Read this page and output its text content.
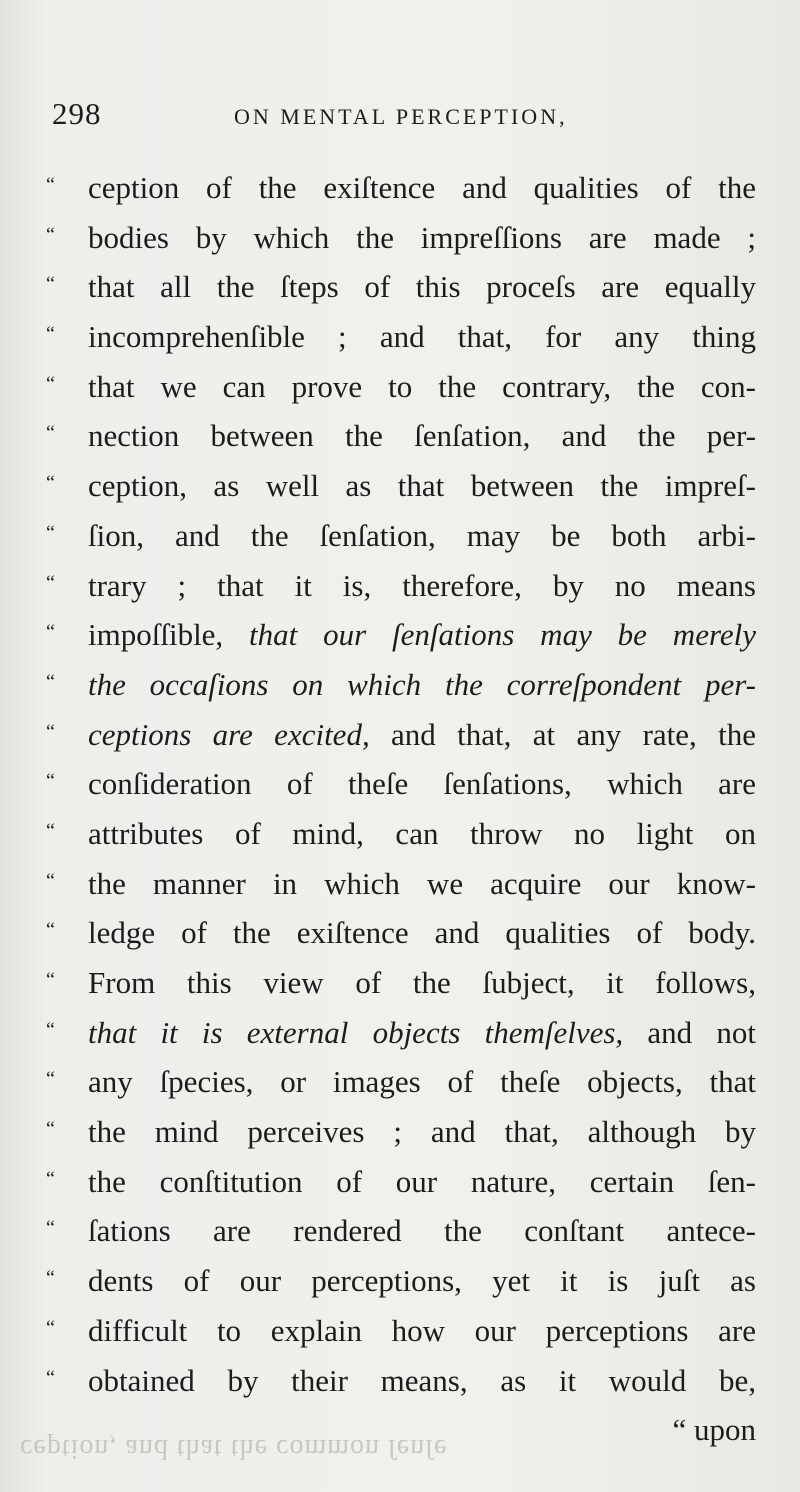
298	ON MENTAL PERCEPTION,
“	ception of the exiſtence and qualities of the
“	bodies by which the impreſſions are made ;
“	that all the ſteps of this proceſs are equally
“	incomprehenſible ; and that, for any thing
“	that we can prove to the contrary, the con-
“	nection between the ſenſation, and the per-
“	ception, as well as that between the impreſ-
“	ſion, and the ſenſation, may be both arbi-
“	trary ; that it is, therefore, by no means
“	impoſſible, that our ſenſations may be merely
“	the occaſions on which the correſpondent per-
“	ceptions are excited, and that, at any rate, the
“	conſideration of theſe ſenſations, which are
“	attributes of mind, can throw no light on
“	the manner in which we acquire our know-
“	ledge of the exiſtence and qualities of body.
“	From this view of the ſubject, it follows,
“	that it is external objects themſelves, and not
“	any ſpecies, or images of theſe objects, that
“	the mind perceives ; and that, although by
“	the conſtitution of our nature, certain ſen-
“	ſations are rendered the conſtant antece-
“	dents of our perceptions, yet it is juſt as
“	difficult to explain how our perceptions are
“	obtained by their means, as it would be,
“ upon
ception, and that the common ſenſe
